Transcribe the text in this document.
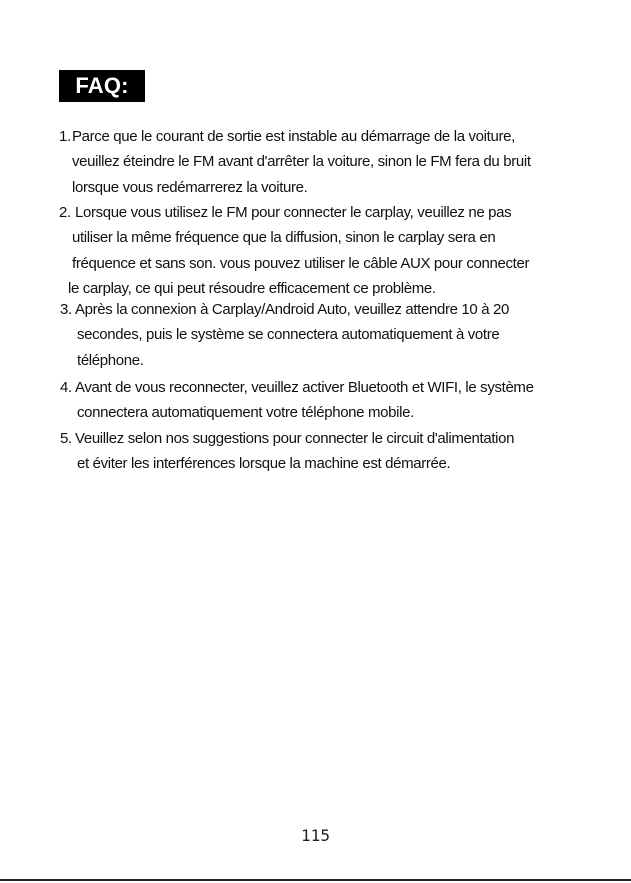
FAQ:
1. Parce que le courant de sortie est instable au démarrage de la voiture,
veuillez éteindre le FM avant d'arrêter la voiture, sinon le FM fera du bruit
lorsque vous redémarrerez la voiture.
2. Lorsque vous utilisez le FM pour connecter le carplay, veuillez ne pas
utiliser la même fréquence que la diffusion, sinon le carplay sera en
fréquence et sans son. vous pouvez utiliser le câble AUX pour connecter
le carplay, ce qui peut résoudre efficacement ce problème.
3. Après la connexion à Carplay/Android Auto, veuillez attendre 10 à 20
secondes, puis le système se connectera automatiquement à votre
téléphone.
4. Avant de vous reconnecter, veuillez activer Bluetooth et WIFI, le système
connectera automatiquement votre téléphone mobile.
5. Veuillez selon nos suggestions pour connecter le circuit d'alimentation
et éviter les interférences lorsque la machine est démarrée.
115
